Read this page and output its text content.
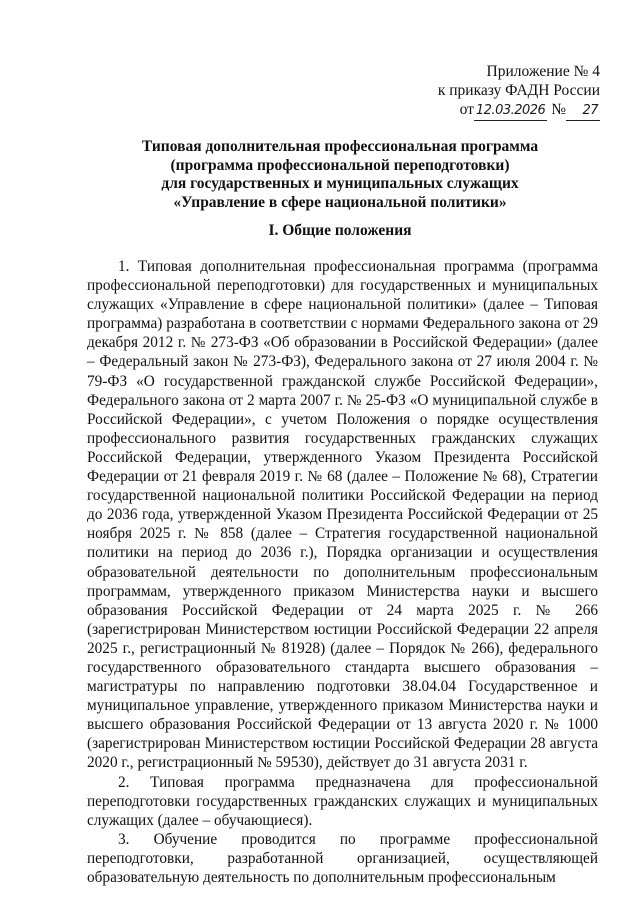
Приложение № 4
к приказу ФАДН России
от 12.03.2026 № 27
Типовая дополнительная профессиональная программа
(программа профессиональной переподготовки)
для государственных и муниципальных служащих
«Управление в сфере национальной политики»
I. Общие положения

1. Типовая дополнительная профессиональная программа (программа профессиональной переподготовки) для государственных и муниципальных служащих «Управление в сфере национальной политики» (далее – Типовая программа) разработана в соответствии с нормами Федерального закона от 29 декабря 2012 г. № 273-ФЗ «Об образовании в Российской Федерации» (далее – Федеральный закон № 273-ФЗ), Федерального закона от 27 июля 2004 г. № 79-ФЗ «О государственной гражданской службе Российской Федерации», Федерального закона от 2 марта 2007 г. № 25-ФЗ «О муниципальной службе в Российской Федерации», с учетом Положения о порядке осуществления профессионального развития государственных гражданских служащих Российской Федерации, утвержденного Указом Президента Российской Федерации от 21 февраля 2019 г. № 68 (далее – Положение № 68), Стратегии государственной национальной политики Российской Федерации на период до 2036 года, утвержденной Указом Президента Российской Федерации от 25 ноября 2025 г. № 858 (далее – Стратегия государственной национальной политики на период до 2036 г.), Порядка организации и осуществления образовательной деятельности по дополнительным профессиональным программам, утвержденного приказом Министерства науки и высшего образования Российской Федерации от 24 марта 2025 г. № 266 (зарегистрирован Министерством юстиции Российской Федерации 22 апреля 2025 г., регистрационный № 81928) (далее – Порядок № 266), федерального государственного образовательного стандарта высшего образования – магистратуры по направлению подготовки 38.04.04 Государственное и муниципальное управление, утвержденного приказом Министерства науки и высшего образования Российской Федерации от 13 августа 2020 г. № 1000 (зарегистрирован Министерством юстиции Российской Федерации 28 августа 2020 г., регистрационный № 59530), действует до 31 августа 2031 г.

2. Типовая программа предназначена для профессиональной переподготовки государственных гражданских служащих и муниципальных служащих (далее – обучающиеся).

3. Обучение проводится по программе профессиональной переподготовки, разработанной организацией, осуществляющей образовательную деятельность по дополнительным профессиональным
